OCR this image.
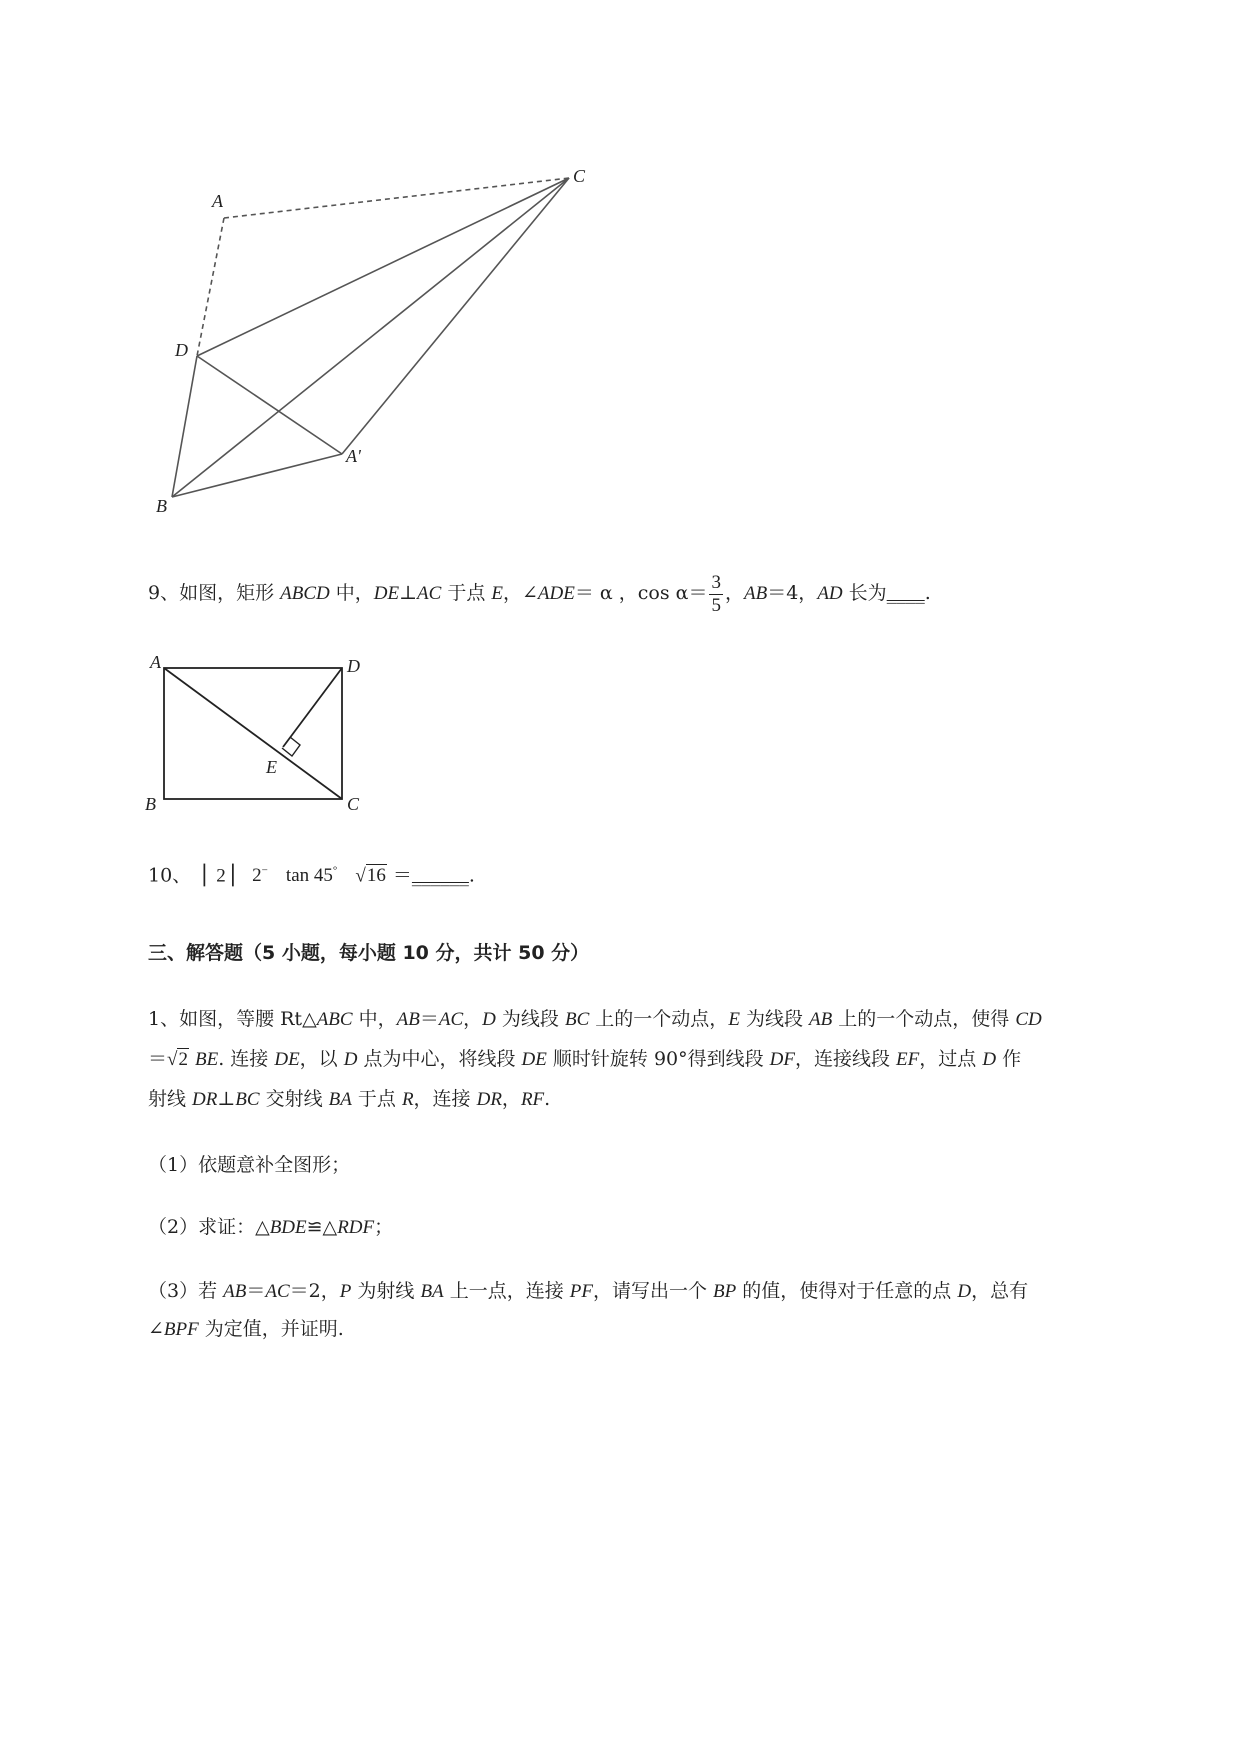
A
C
D
A'
B
9、如图，矩形 ABCD 中，DE⊥AC 于点 E，∠ADE＝ α ，$\cos \alpha= \frac{3}{5}$ ，AB＝4，AD 长为____.
A	D
E
B	C
10、 ⎪ 2⎪ 2− tan 45° √16 ＝______.
三、解答题（5 小题，每小题 10 分，共计 50 分）
1、如图，等腰 Rt△ABC 中，AB＝AC，D 为线段 BC 上的一个动点，E 为线段 AB 上的一个动点，使得 CD
＝√2 BE. 连接 DE，以 D 点为中心，将线段 DE 顺时针旋转 90°得到线段 DF，连接线段 EF，过点 D 作
射线 DR⊥BC 交射线 BA 于点 R，连接 DR，RF.
（1）依题意补全图形；
（2）求证：△BDE≌△RDF；
（3）若 AB＝AC＝2，P 为射线 BA 上一点，连接 PF，请写出一个 BP 的值，使得对于任意的点 D，总有
∠BPF 为定值，并证明.
